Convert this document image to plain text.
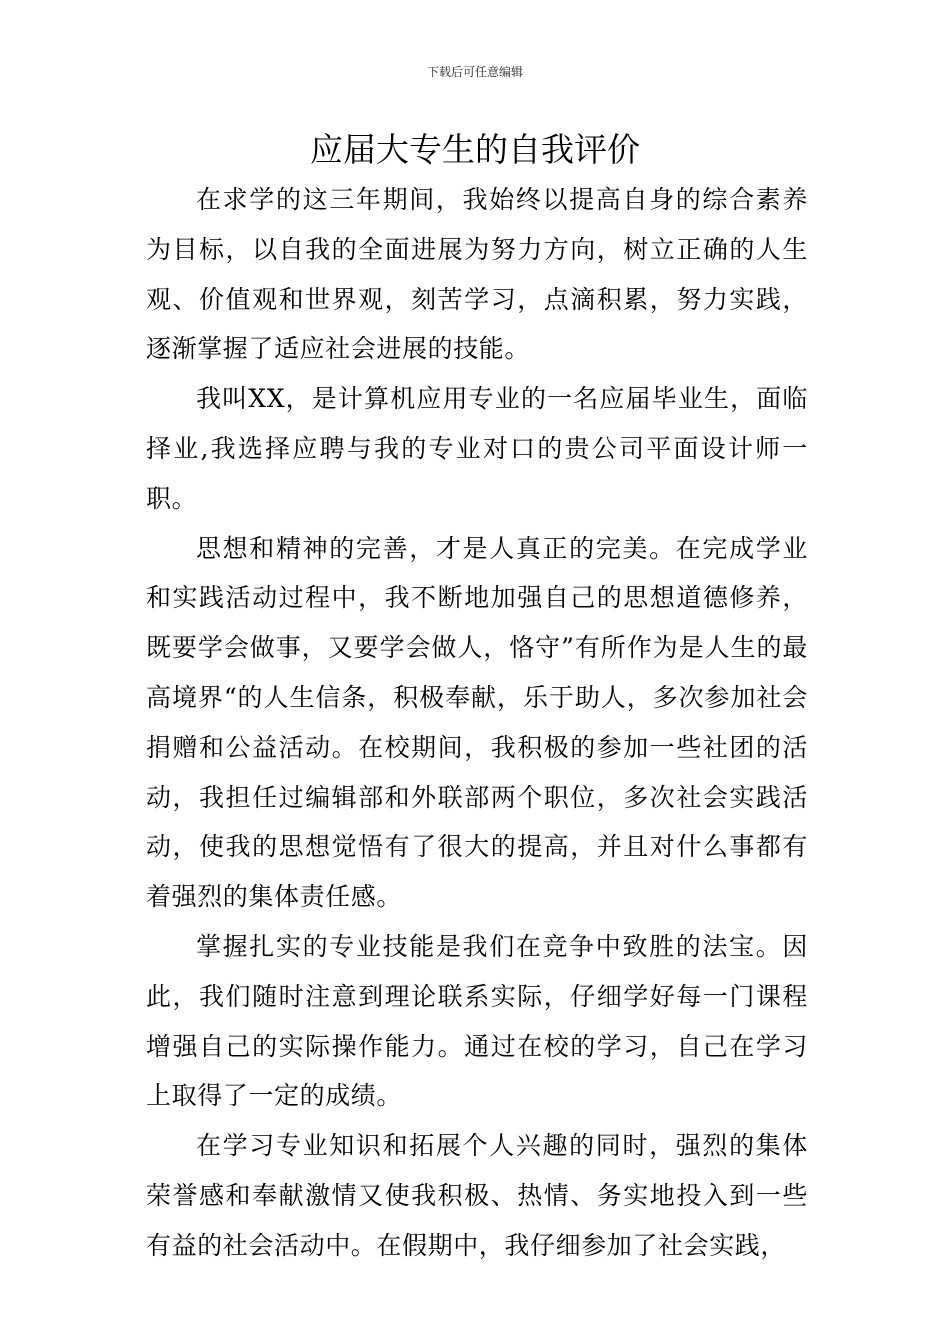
下载后可任意编辑
应届大专生的自我评价

在求学的这三年期间，我始终以提高自身的综合素养为目标，以自我的全面进展为努力方向，树立正确的人生观、价值观和世界观，刻苦学习，点滴积累，努力实践，逐渐掌握了适应社会进展的技能。

我叫XX，是计算机应用专业的一名应届毕业生，面临择业,我选择应聘与我的专业对口的贵公司平面设计师一职。

思想和精神的完善，才是人真正的完美。在完成学业和实践活动过程中，我不断地加强自己的思想道德修养，既要学会做事，又要学会做人，恪守”有所作为是人生的最高境界“的人生信条，积极奉献，乐于助人，多次参加社会捐赠和公益活动。在校期间，我积极的参加一些社团的活动，我担任过编辑部和外联部两个职位，多次社会实践活动，使我的思想觉悟有了很大的提高，并且对什么事都有着强烈的集体责任感。

掌握扎实的专业技能是我们在竞争中致胜的法宝。因此，我们随时注意到理论联系实际，仔细学好每一门课程增强自己的实际操作能力。通过在校的学习，自己在学习上取得了一定的成绩。

在学习专业知识和拓展个人兴趣的同时，强烈的集体荣誉感和奉献激情又使我积极、热情、务实地投入到一些有益的社会活动中。在假期中，我仔细参加了社会实践，
